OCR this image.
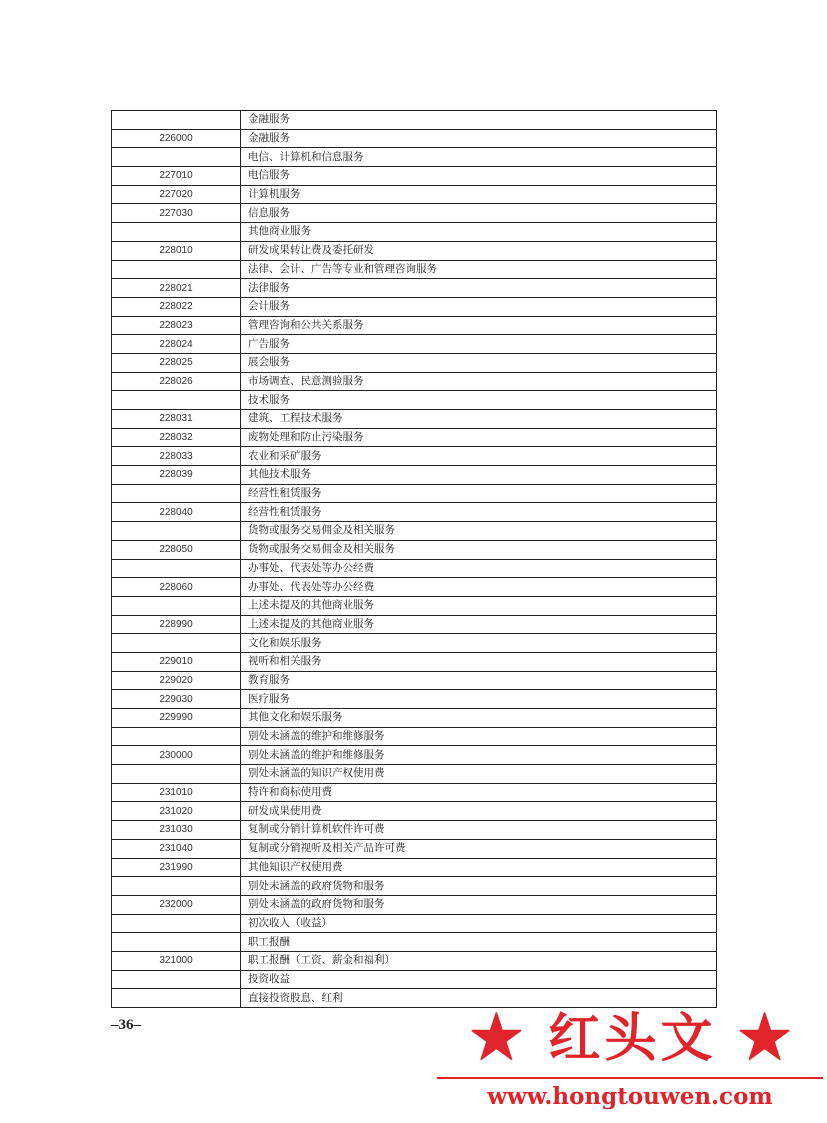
	金融服务
226000	金融服务
	电信、计算机和信息服务
227010	电信服务
227020	计算机服务
227030	信息服务
	其他商业服务
228010	研发成果转让费及委托研发
	法律、会计、广告等专业和管理咨询服务
228021	法律服务
228022	会计服务
228023	管理咨询和公共关系服务
228024	广告服务
228025	展会服务
228026	市场调查、民意测验服务
	技术服务
228031	建筑、工程技术服务
228032	废物处理和防止污染服务
228033	农业和采矿服务
228039	其他技术服务
	经营性租赁服务
228040	经营性租赁服务
	货物或服务交易佣金及相关服务
228050	货物或服务交易佣金及相关服务
	办事处、代表处等办公经费
228060	办事处、代表处等办公经费
	上述未提及的其他商业服务
228990	上述未提及的其他商业服务
	文化和娱乐服务
229010	视听和相关服务
229020	教育服务
229030	医疗服务
229990	其他文化和娱乐服务
	别处未涵盖的维护和维修服务
230000	别处未涵盖的维护和维修服务
	别处未涵盖的知识产权使用费
231010	特许和商标使用费
231020	研发成果使用费
231030	复制或分销计算机软件许可费
231040	复制或分销视听及相关产品许可费
231990	其他知识产权使用费
	别处未涵盖的政府货物和服务
232000	别处未涵盖的政府货物和服务
	初次收入（收益）
	职工报酬
321000	职工报酬（工资、薪金和福利）
	投资收益
	直接投资股息、红利
–36–	★ 红头文 ★
www.hongtouwen.com
